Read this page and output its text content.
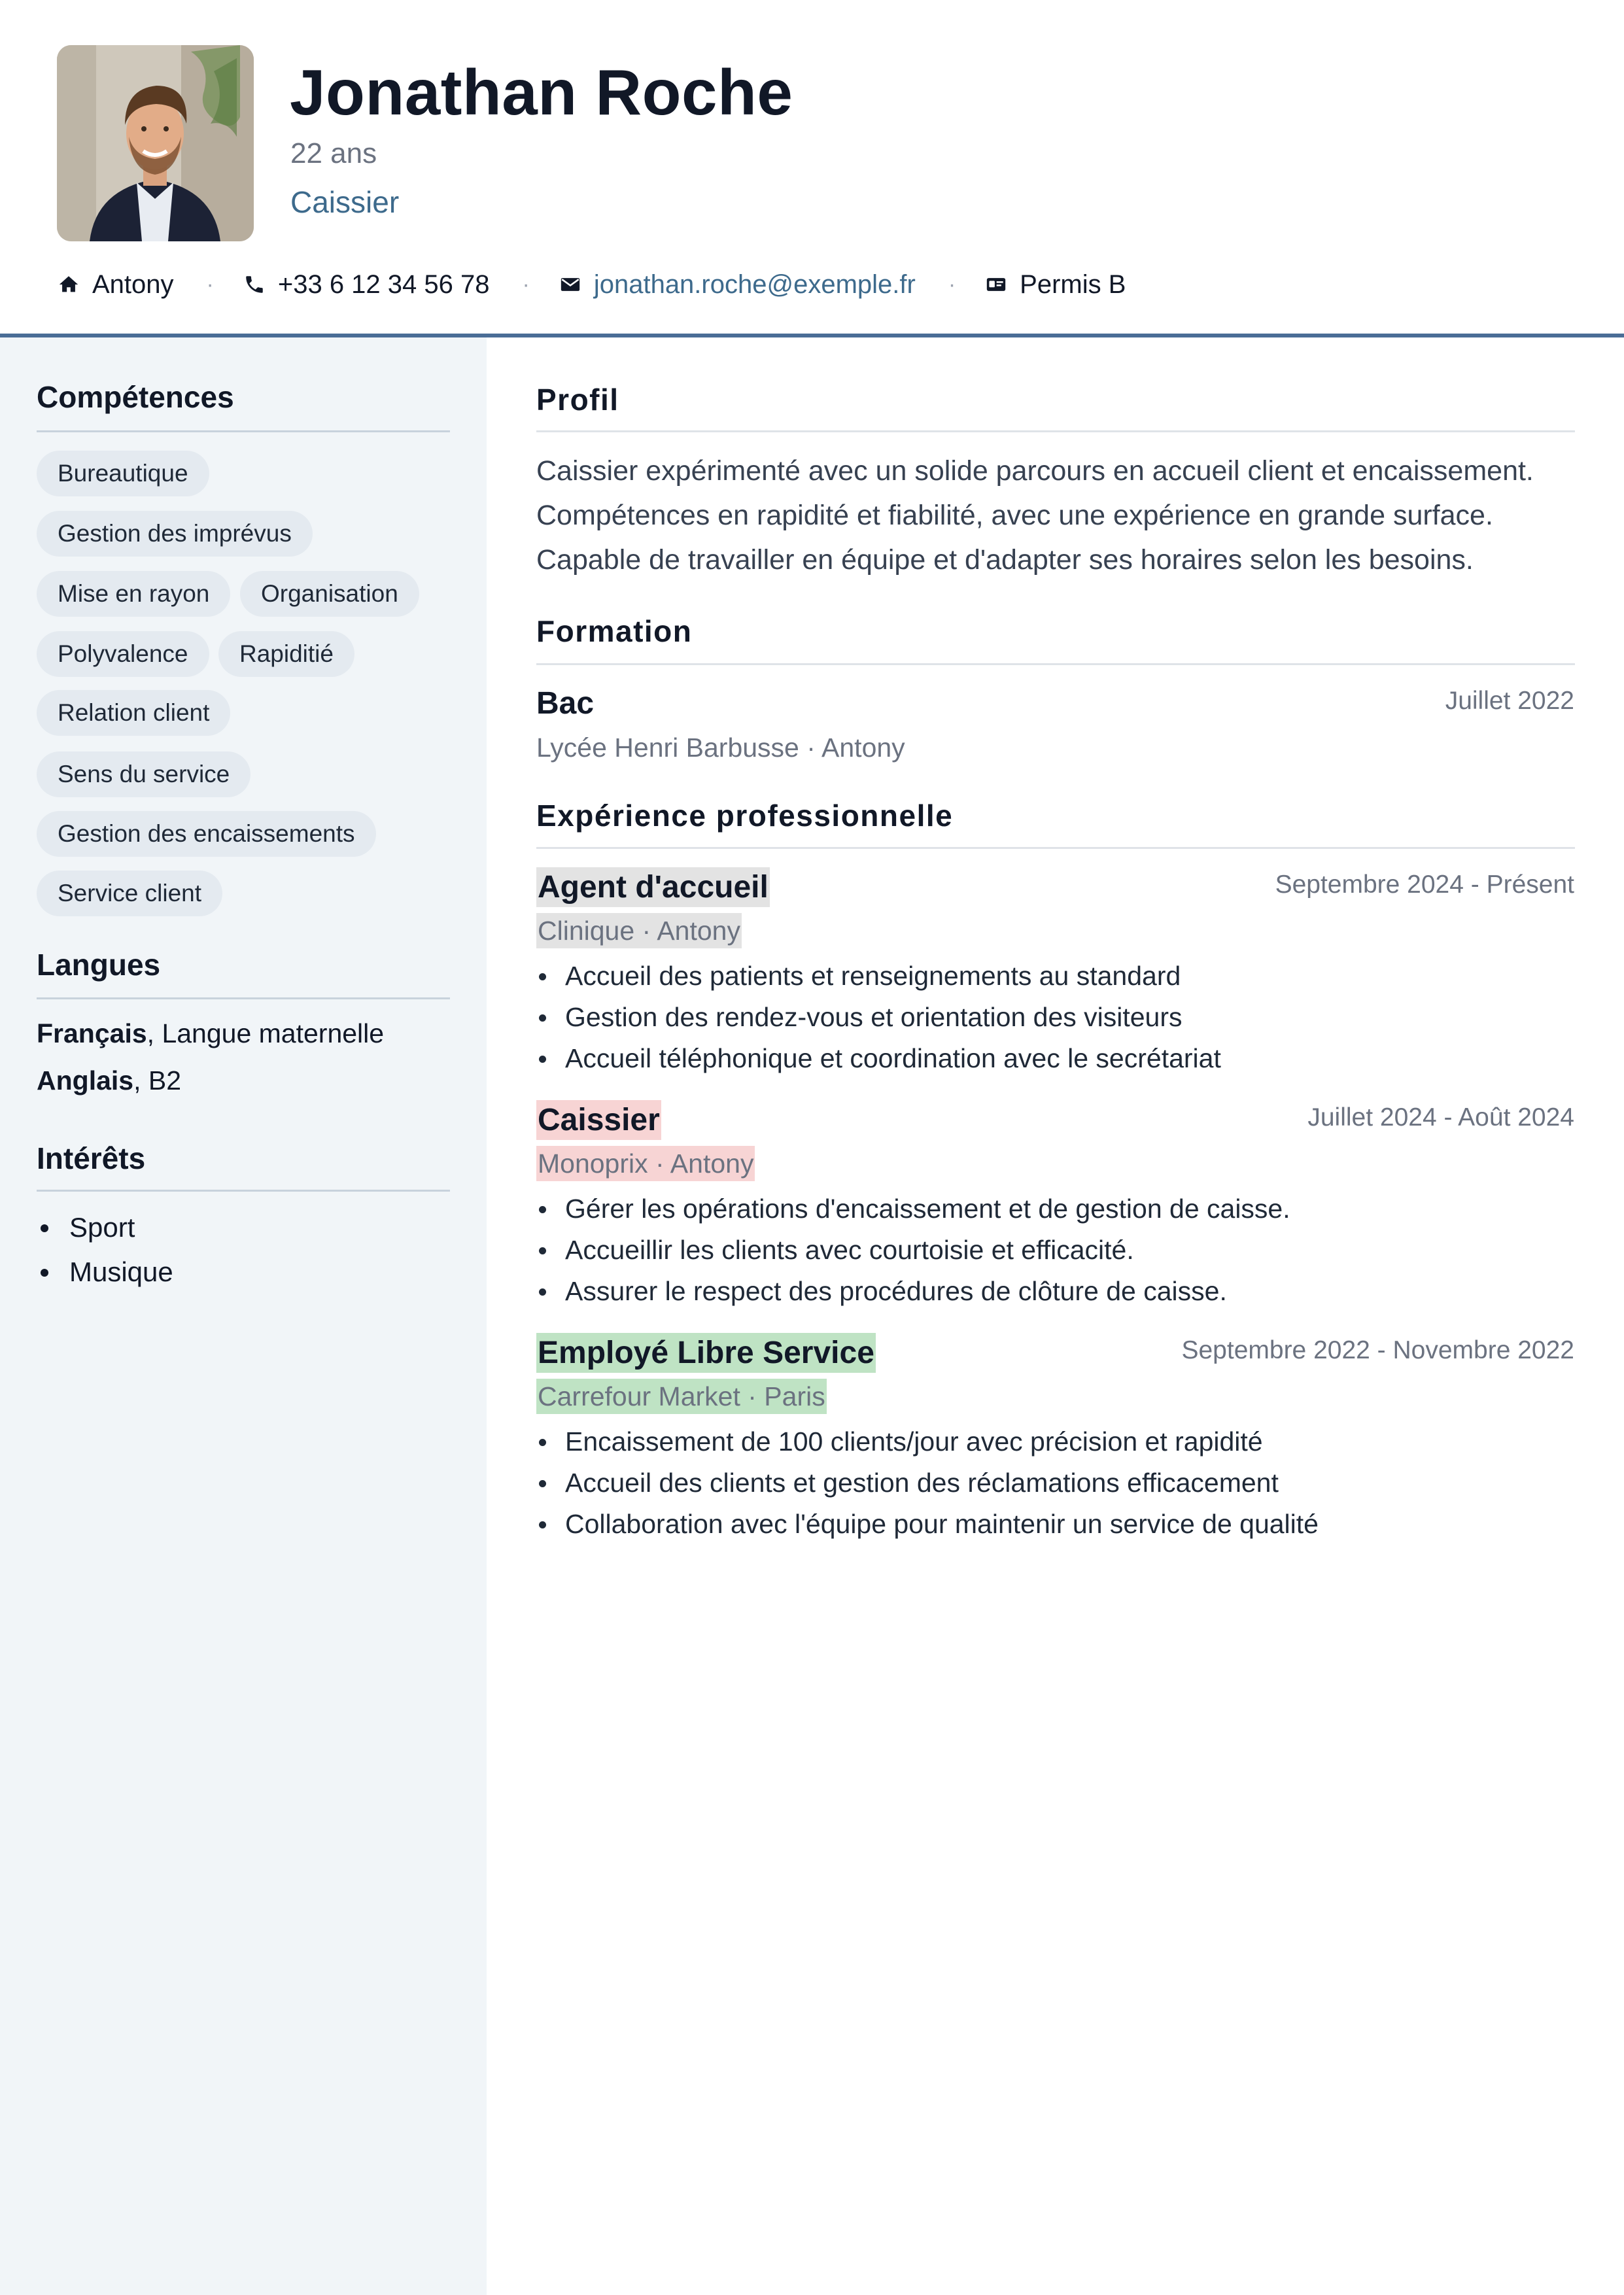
Jonathan Roche
22 ans
Caissier
Antony · +33 6 12 34 56 78 · jonathan.roche@exemple.fr · Permis B
Compétences
Bureautique
Gestion des imprévus
Mise en rayon	Organisation
Polyvalence	Rapiditié
Relation client
Sens du service
Gestion des encaissements
Service client
Langues
Français, Langue maternelle
Anglais, B2
Intérêts
Sport
Musique
Profil
Caissier expérimenté avec un solide parcours en accueil client et encaissement.
Compétences en rapidité et fiabilité, avec une expérience en grande surface.
Capable de travailler en équipe et d'adapter ses horaires selon les besoins.
Formation
Bac	Juillet 2022
Lycée Henri Barbusse · Antony
Expérience professionnelle
Agent d'accueil	Septembre 2024 - Présent
Clinique · Antony
Accueil des patients et renseignements au standard
Gestion des rendez-vous et orientation des visiteurs
Accueil téléphonique et coordination avec le secrétariat
Caissier	Juillet 2024 - Août 2024
Monoprix · Antony
Gérer les opérations d'encaissement et de gestion de caisse.
Accueillir les clients avec courtoisie et efficacité.
Assurer le respect des procédures de clôture de caisse.
Employé Libre Service	Septembre 2022 - Novembre 2022
Carrefour Market · Paris
Encaissement de 100 clients/jour avec précision et rapidité
Accueil des clients et gestion des réclamations efficacement
Collaboration avec l'équipe pour maintenir un service de qualité
